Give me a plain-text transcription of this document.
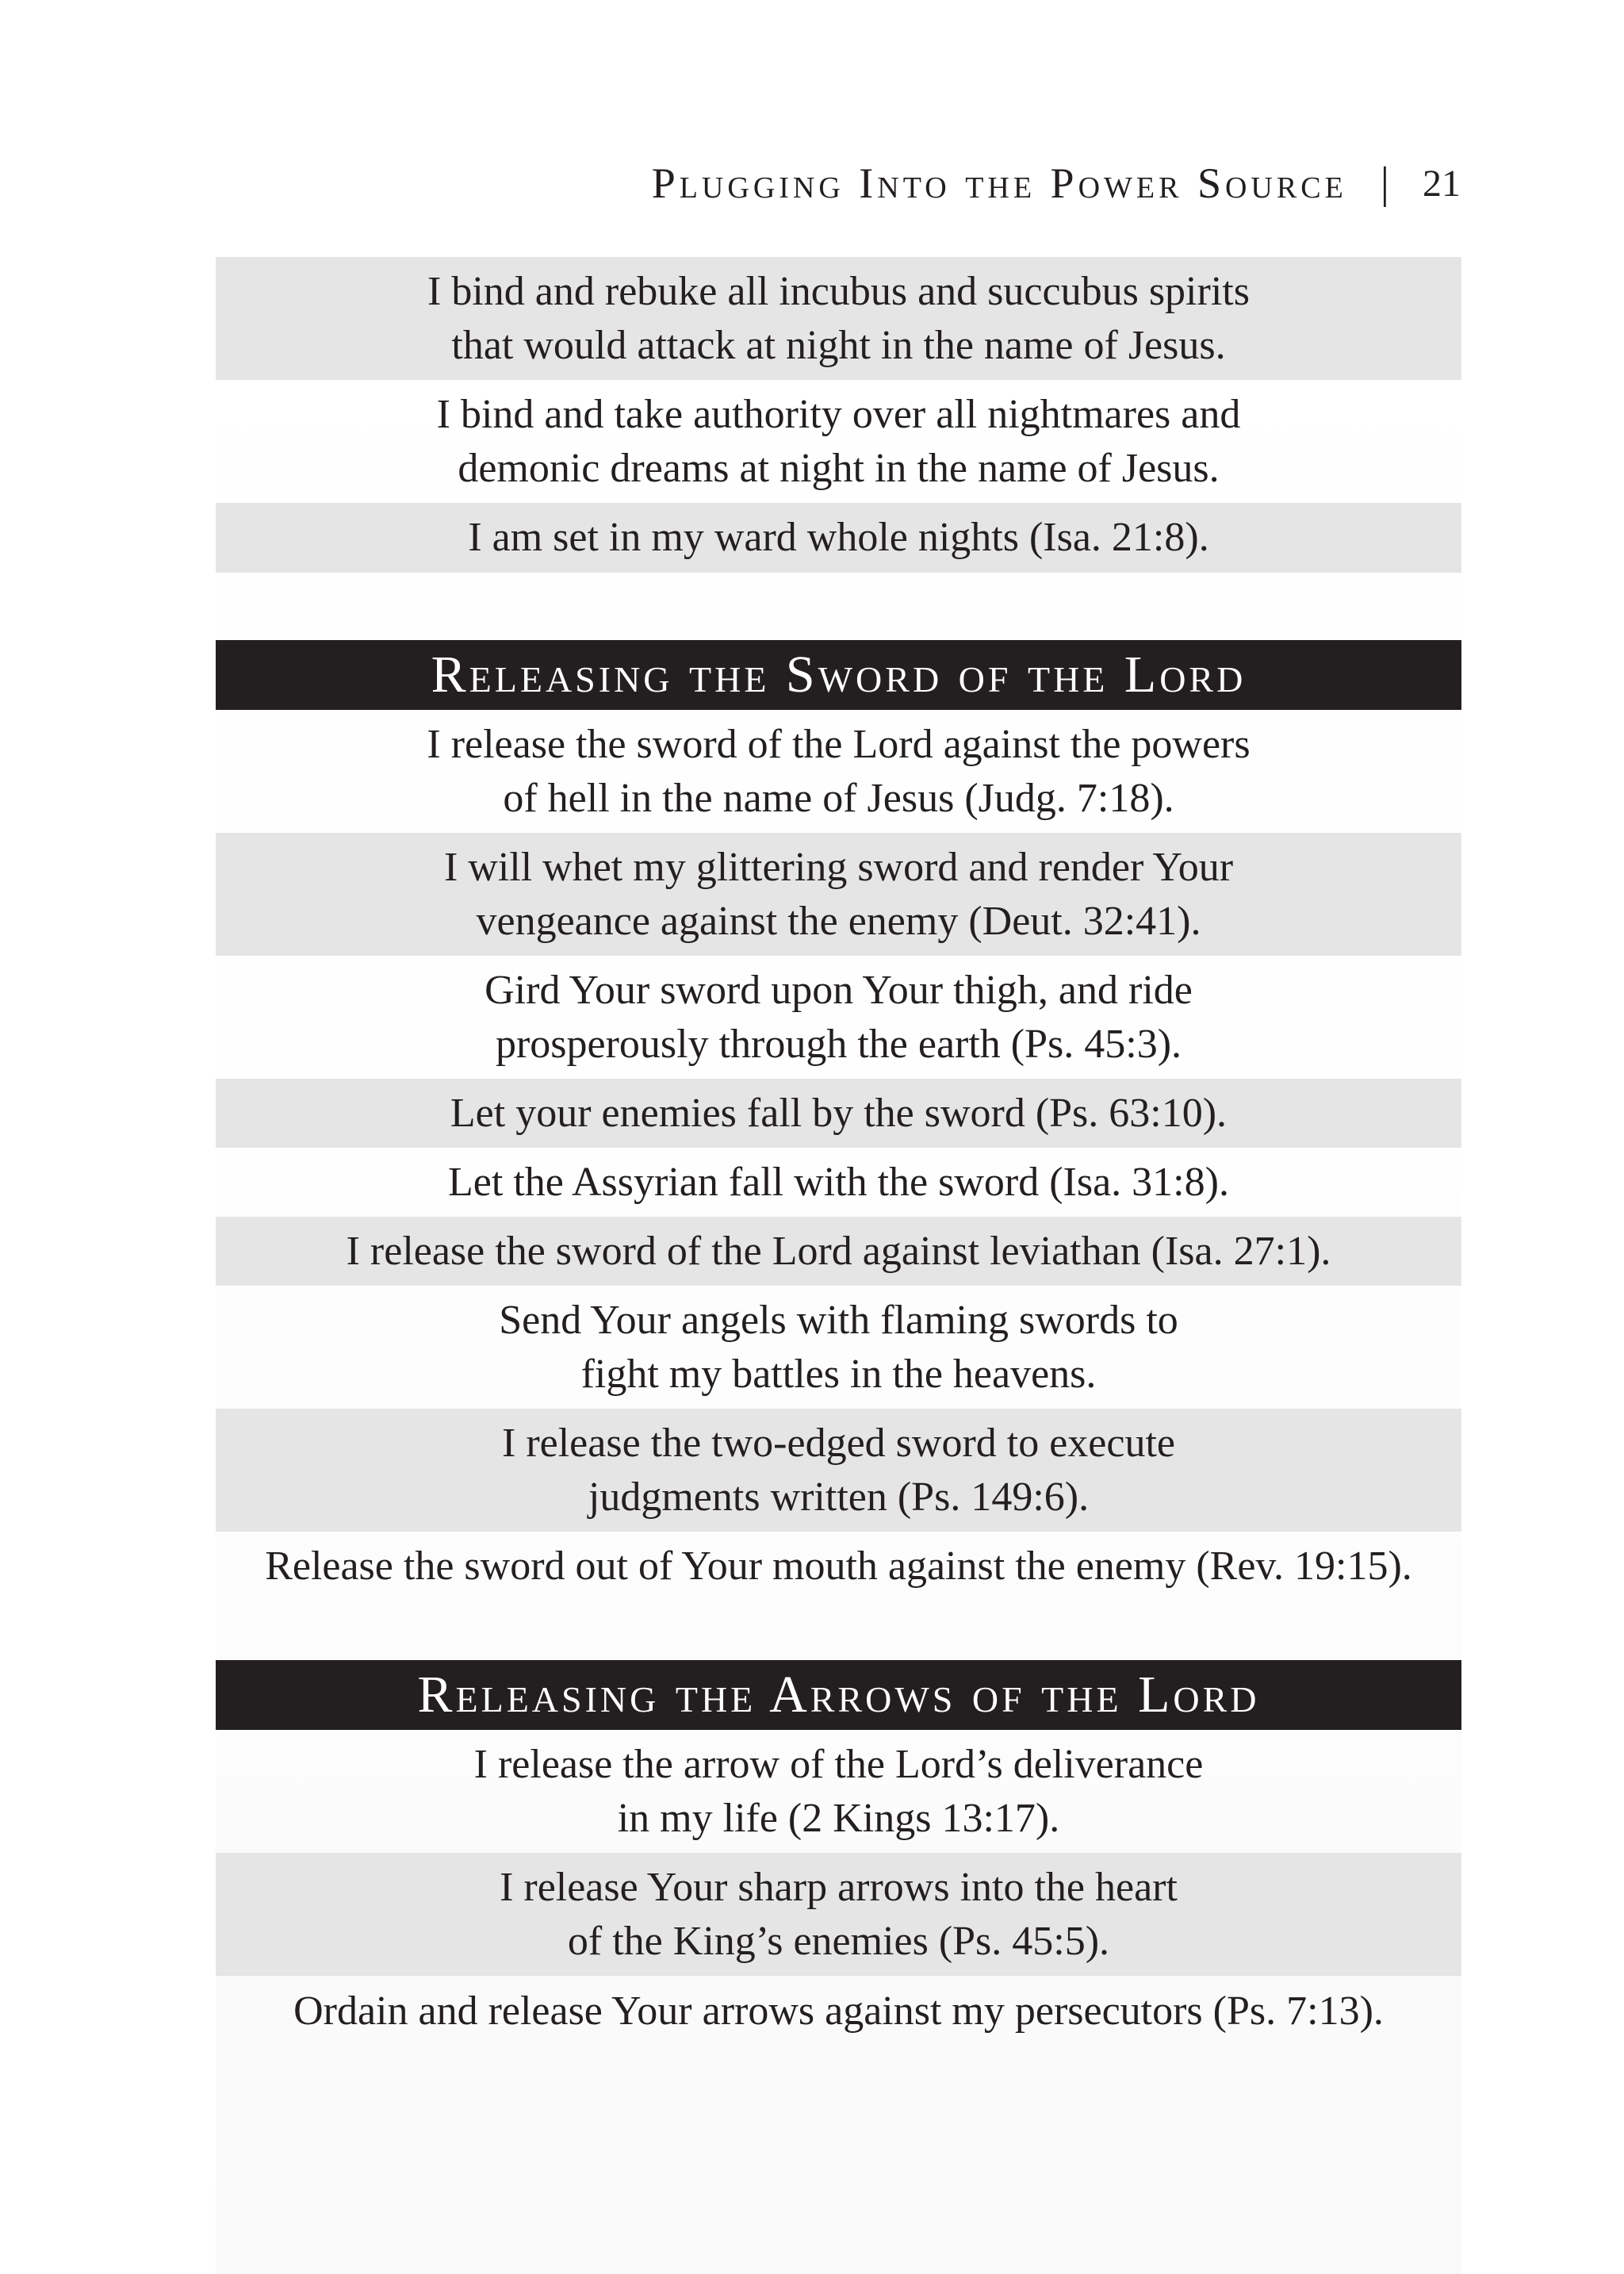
Plugging Into the Power Source | 21
I bind and rebuke all incubus and succubus spirits
that would attack at night in the name of Jesus.
I bind and take authority over all nightmares and
demonic dreams at night in the name of Jesus.
I am set in my ward whole nights (Isa. 21:8).
Releasing the Sword of the Lord
I release the sword of the Lord against the powers
of hell in the name of Jesus (Judg. 7:18).
I will whet my glittering sword and render Your
vengeance against the enemy (Deut. 32:41).
Gird Your sword upon Your thigh, and ride
prosperously through the earth (Ps. 45:3).
Let your enemies fall by the sword (Ps. 63:10).
Let the Assyrian fall with the sword (Isa. 31:8).
I release the sword of the Lord against leviathan (Isa. 27:1).
Send Your angels with flaming swords to
fight my battles in the heavens.
I release the two-edged sword to execute
judgments written (Ps. 149:6).
Release the sword out of Your mouth against the enemy (Rev. 19:15).
Releasing the Arrows of the Lord
I release the arrow of the Lord’s deliverance
in my life (2 Kings 13:17).
I release Your sharp arrows into the heart
of the King’s enemies (Ps. 45:5).
Ordain and release Your arrows against my persecutors (Ps. 7:13).
